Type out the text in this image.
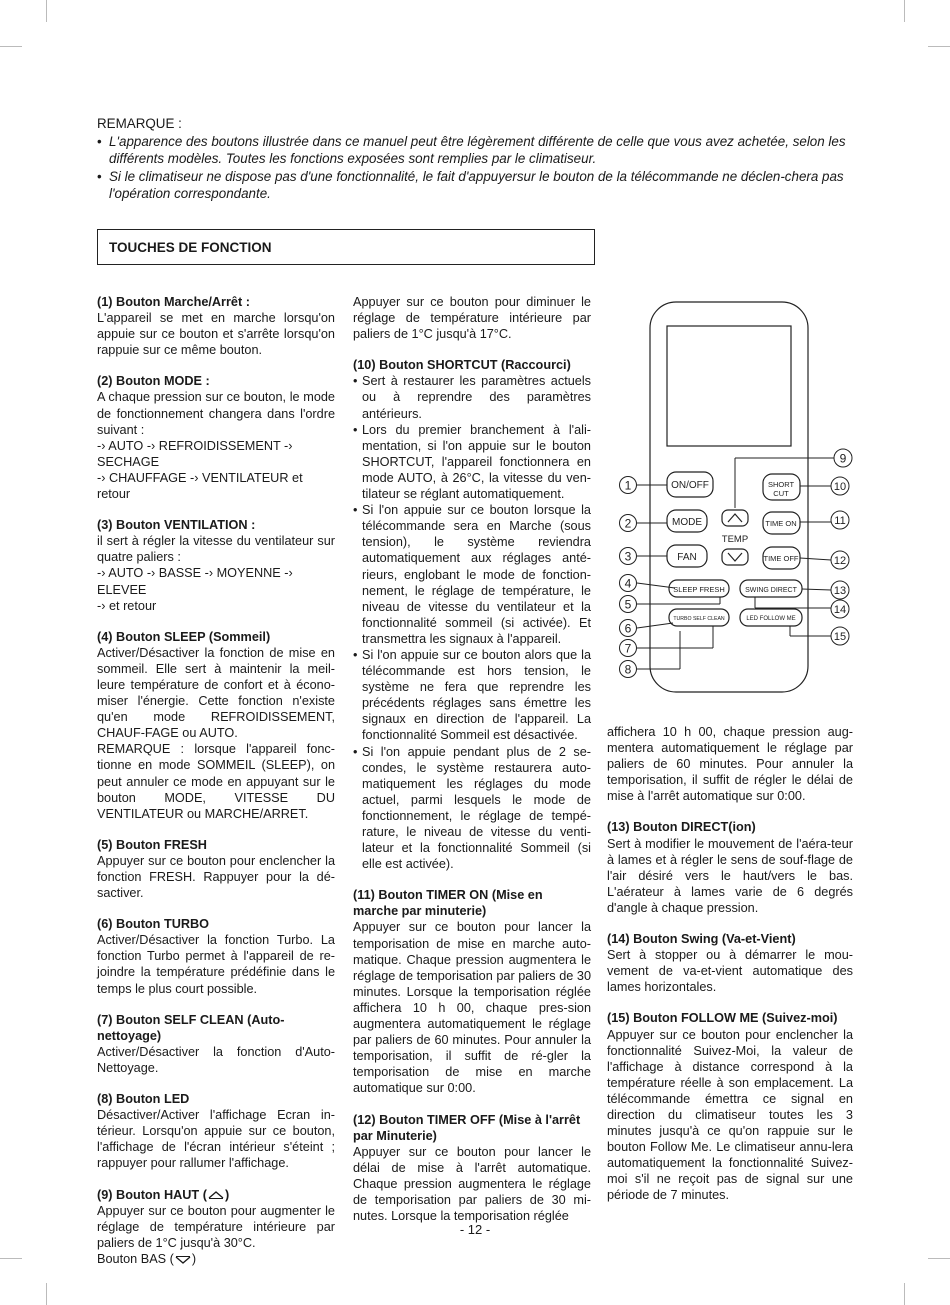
REMARQUE :
• L'apparence des boutons illustrée dans ce manuel peut être légèrement différente de celle que vous avez achetée, selon les différents modèles. Toutes les fonctions exposées sont remplies par le climatiseur.
• Si le climatiseur ne dispose pas d'une fonctionnalité, le fait d'appuyersur le bouton de la télécommande ne déclen-chera pas l'opération correspondante.
TOUCHES DE FONCTION
(1) Bouton Marche/Arrêt :

L'appareil se met en marche lorsqu'on appuie sur ce bouton et s'arrête lorsqu'on rappuie sur ce même bouton.

(2) Bouton MODE :

A chaque pression sur ce bouton, le mode de fonctionnement changera dans l'ordre suivant :

-› AUTO -› REFROIDISSEMENT -› SECHAGE

-› CHAUFFAGE -› VENTILATEUR et retour

(3) Bouton VENTILATION :

il sert à régler la vitesse du ventilateur sur quatre paliers :

-› AUTO -› BASSE -› MOYENNE -› ELEVEE

-› et retour

(4) Bouton SLEEP (Sommeil)

Activer/Désactiver la fonction de mise en sommeil. Elle sert à maintenir la meil-leure température de confort et à écono-miser l'énergie. Cette fonction n'existe qu'en mode REFROIDISSEMENT, CHAUF-FAGE ou AUTO.

REMARQUE : lorsque l'appareil fonc-tionne en mode SOMMEIL (SLEEP), on peut annuler ce mode en appuyant sur le bouton MODE, VITESSE DU VENTILATEUR ou MARCHE/ARRET.

(5) Bouton FRESH

Appuyer sur ce bouton pour enclencher la fonction FRESH. Rappuyer pour la dé-sactiver.

(6) Bouton TURBO

Activer/Désactiver la fonction Turbo. La fonction Turbo permet à l'appareil de re-joindre la température prédéfinie dans le temps le plus court possible.

(7) Bouton SELF CLEAN (Auto-nettoyage)

Activer/Désactiver la fonction d'Auto-Nettoyage.

(8) Bouton LED

Désactiver/Activer l'affichage Ecran in-térieur. Lorsqu'on appuie sur ce bouton, l'affichage de l'écran intérieur s'éteint ; rappuyer pour rallumer l'affichage.

(9) Bouton HAUT ( )

Appuyer sur ce bouton pour augmenter le réglage de température intérieure par paliers de 1°C jusqu'à 30°C.

Bouton BAS ( )

Appuyer sur ce bouton pour diminuer le réglage de température intérieure par paliers de 1°C jusqu'à 17°C.

(10) Bouton SHORTCUT (Raccourci)
• Sert à restaurer les paramètres actuels ou à reprendre des paramètres antérieurs.
• Lors du premier branchement à l'ali-mentation, si l'on appuie sur le bouton SHORTCUT, l'appareil fonctionnera en mode AUTO, à 26°C, la vitesse du ven-tilateur se réglant automatiquement.
• Si l'on appuie sur ce bouton lorsque la télécommande sera en Marche (sous tension), le système reviendra automatiquement aux réglages anté-rieurs, englobant le mode de fonction-nement, le réglage de température, le niveau de vitesse du ventilateur et la fonctionnalité sommeil (si activée). Et transmettra les signaux à l'appareil.
• Si l'on appuie sur ce bouton alors que la télécommande est hors tension, le système ne fera que reprendre les précédents réglages sans émettre les signaux en direction de l'appareil. La fonctionnalité Sommeil est désactivée.
• Si l'on appuie pendant plus de 2 se-condes, le système restaurera auto-matiquement les réglages du mode actuel, parmi lesquels le mode de fonctionnement, le réglage de tempé-rature, le niveau de vitesse du venti-lateur et la fonctionnalité Sommeil (si elle est activée).
(11) Bouton TIMER ON (Mise en marche par minuterie)

Appuyer sur ce bouton pour lancer la temporisation de mise en marche auto-matique. Chaque pression augmentera le réglage de temporisation par paliers de 30 minutes. Lorsque la temporisation réglée affichera 10 h 00, chaque pres-sion augmentera automatiquement le réglage par paliers de 60 minutes. Pour annuler la temporisation, il suffit de ré-gler la temporisation de mise en marche automatique sur 0:00.

(12) Bouton TIMER OFF (Mise à l'arrêt par Minuterie)

Appuyer sur ce bouton pour lancer le délai de mise à l'arrêt automatique. Chaque pression augmentera le réglage de temporisation par paliers de 30 mi-nutes. Lorsque la temporisation réglée

ON/OFF
MODE
FAN
TEMP
SHORT
CUT
TIME ON
TIME OFF
SLEEP FRESH	SWING DIRECT
TURBO SELF CLEAN	LED FOLLOW ME
1
2
3
4
5
6
7
8
9
10
11
12
13
14
15

affichera 10 h 00, chaque pression aug-mentera automatiquement le réglage par paliers de 60 minutes. Pour annuler la temporisation, il suffit de régler le délai de mise à l'arrêt automatique sur 0:00.

(13) Bouton DIRECT(ion)

Sert à modifier le mouvement de l'aéra-teur à lames et à régler le sens de souf-flage de l'air désiré vers le haut/vers le bas. L'aérateur à lames varie de 6 degrés d'angle à chaque pression.

(14) Bouton Swing (Va-et-Vient)

Sert à stopper ou à démarrer le mou-vement de va-et-vient automatique des lames horizontales.

(15) Bouton FOLLOW ME (Suivez-moi)

Appuyer sur ce bouton pour enclencher la fonctionnalité Suivez-Moi, la valeur de l'affichage à distance correspond à la température réelle à son emplacement. La télécommande émettra ce signal en direction du climatiseur toutes les 3 minutes jusqu'à ce qu'on rappuie sur le bouton Follow Me. Le climatiseur annu-lera automatiquement la fonctionnalité Suivez-moi s'il ne reçoit pas de signal sur une période de 7 minutes.

- 12 -
